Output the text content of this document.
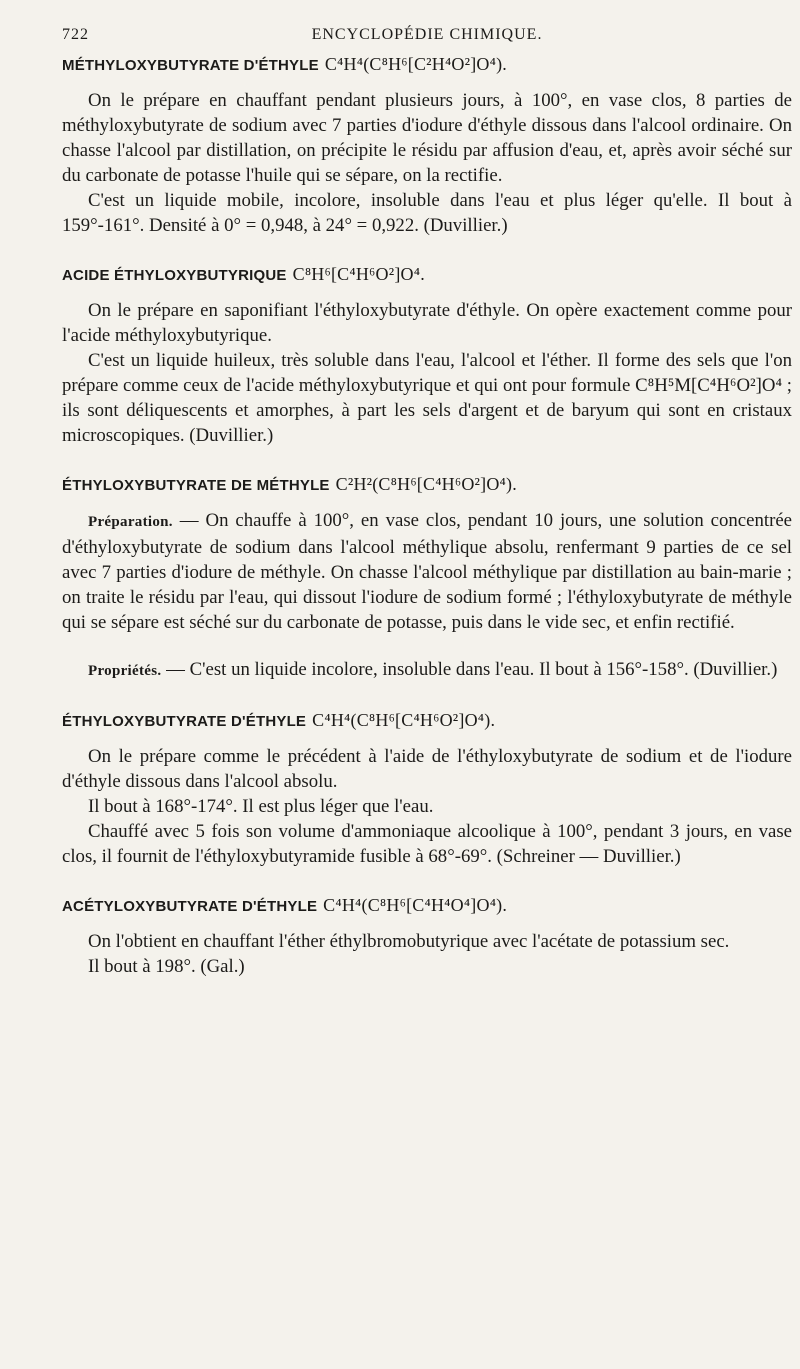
722	ENCYCLOPÉDIE CHIMIQUE.
MÉTHYLOXYBUTYRATE D'ÉTHYLE C⁴H⁴(C⁸H⁶[C²H⁴O²]O⁴).

On le prépare en chauffant pendant plusieurs jours, à 100°, en vase clos, 8 parties de méthyloxybutyrate de sodium avec 7 parties d'iodure d'éthyle dissous dans l'alcool ordinaire. On chasse l'alcool par distillation, on précipite le résidu par affusion d'eau, et, après avoir séché sur du carbonate de potasse l'huile qui se sépare, on la rectifie.

C'est un liquide mobile, incolore, insoluble dans l'eau et plus léger qu'elle. Il bout à 159°-161°. Densité à 0° = 0,948, à 24° = 0,922. (Duvillier.)

ACIDE ÉTHYLOXYBUTYRIQUE C⁸H⁶[C⁴H⁶O²]O⁴.

On le prépare en saponifiant l'éthyloxybutyrate d'éthyle. On opère exactement comme pour l'acide méthyloxybutyrique.

C'est un liquide huileux, très soluble dans l'eau, l'alcool et l'éther. Il forme des sels que l'on prépare comme ceux de l'acide méthyloxybutyrique et qui ont pour formule C⁸H⁵M[C⁴H⁶O²]O⁴ ; ils sont déliquescents et amorphes, à part les sels d'argent et de baryum qui sont en cristaux microscopiques. (Duvillier.)

ÉTHYLOXYBUTYRATE DE MÉTHYLE C²H²(C⁸H⁶[C⁴H⁶O²]O⁴).

Préparation. — On chauffe à 100°, en vase clos, pendant 10 jours, une solution concentrée d'éthyloxybutyrate de sodium dans l'alcool méthylique absolu, renfermant 9 parties de ce sel avec 7 parties d'iodure de méthyle. On chasse l'alcool méthylique par distillation au bain-marie ; on traite le résidu par l'eau, qui dissout l'iodure de sodium formé ; l'éthyloxybutyrate de méthyle qui se sépare est séché sur du carbonate de potasse, puis dans le vide sec, et enfin rectifié.

Propriétés. — C'est un liquide incolore, insoluble dans l'eau. Il bout à 156°-158°. (Duvillier.)

ÉTHYLOXYBUTYRATE D'ÉTHYLE C⁴H⁴(C⁸H⁶[C⁴H⁶O²]O⁴).

On le prépare comme le précédent à l'aide de l'éthyloxybutyrate de sodium et de l'iodure d'éthyle dissous dans l'alcool absolu.

Il bout à 168°-174°. Il est plus léger que l'eau.

Chauffé avec 5 fois son volume d'ammoniaque alcoolique à 100°, pendant 3 jours, en vase clos, il fournit de l'éthyloxybutyramide fusible à 68°-69°. (Schreiner — Duvillier.)

ACÉTYLOXYBUTYRATE D'ÉTHYLE C⁴H⁴(C⁸H⁶[C⁴H⁴O⁴]O⁴).

On l'obtient en chauffant l'éther éthylbromobutyrique avec l'acétate de potassium sec.

Il bout à 198°. (Gal.)
